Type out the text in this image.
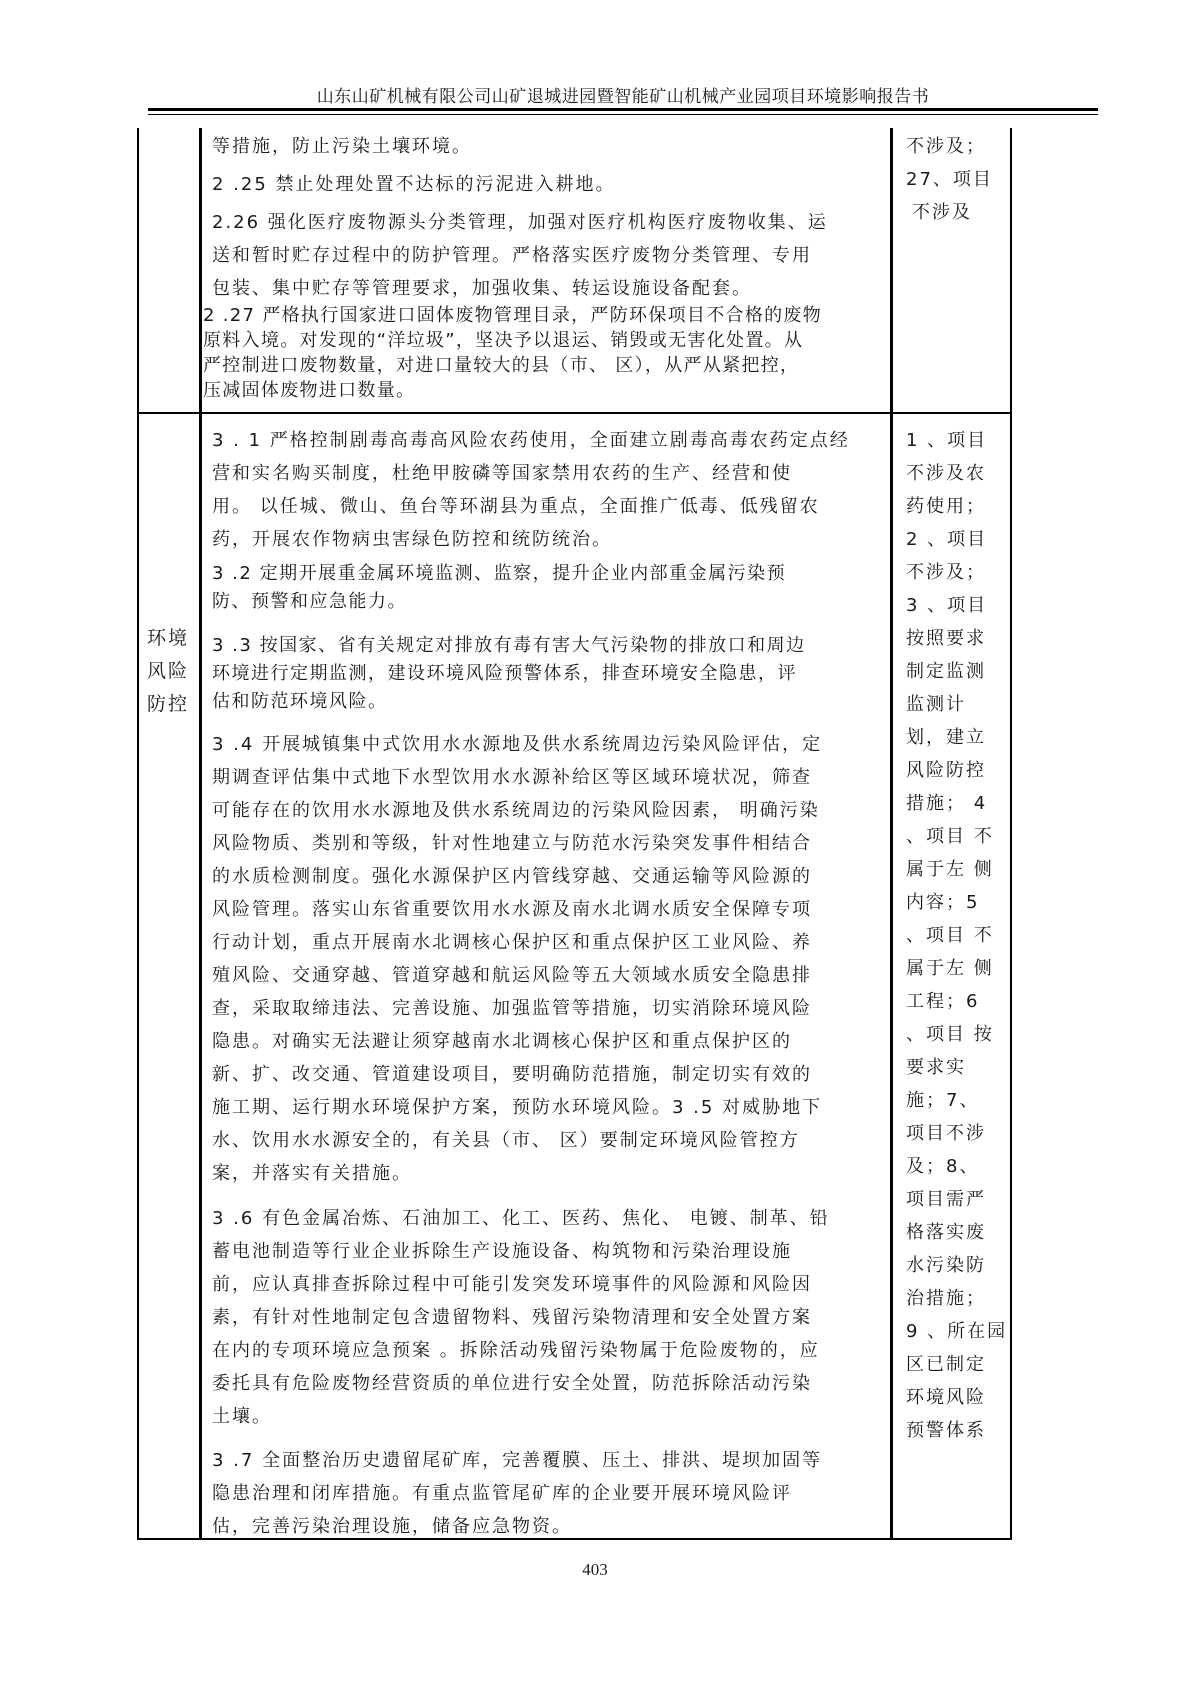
山东山矿机械有限公司山矿退城进园暨智能矿山机械产业园项目环境影响报告书
等措施，防止污染土壤环境。
2 .25 禁止处理处置不达标的污泥进入耕地。
2.26 强化医疗废物源头分类管理，加强对医疗机构医疗废物收集、运
送和暂时贮存过程中的防护管理。严格落实医疗废物分类管理、专用
包装、集中贮存等管理要求，加强收集、转运设施设备配套。
2 .27 严格执行国家进口固体废物管理目录，严防环保项目不合格的废物
原料入境。对发现的“洋垃圾”，坚决予以退运、销毁或无害化处置。从
严控制进口废物数量，对进口量较大的县（市、 区），从严从紧把控，
压减固体废物进口数量。
不涉及；
27、项目
不涉及
环境
风险
防控
3 . 1 严格控制剧毒高毒高风险农药使用，全面建立剧毒高毒农药定点经
营和实名购买制度，杜绝甲胺磷等国家禁用农药的生产、经营和使
用。 以任城、微山、鱼台等环湖县为重点，全面推广低毒、低残留农
药，开展农作物病虫害绿色防控和统防统治。
3 .2 定期开展重金属环境监测、监察，提升企业内部重金属污染预
防、预警和应急能力。
3 .3 按国家、省有关规定对排放有毒有害大气污染物的排放口和周边
环境进行定期监测，建设环境风险预警体系，排查环境安全隐患，评
估和防范环境风险。
3 .4 开展城镇集中式饮用水水源地及供水系统周边污染风险评估，定
期调查评估集中式地下水型饮用水水源补给区等区域环境状况，筛查
可能存在的饮用水水源地及供水系统周边的污染风险因素， 明确污染
风险物质、类别和等级，针对性地建立与防范水污染突发事件相结合
的水质检测制度。强化水源保护区内管线穿越、交通运输等风险源的
风险管理。落实山东省重要饮用水水源及南水北调水质安全保障专项
行动计划，重点开展南水北调核心保护区和重点保护区工业风险、养
殖风险、交通穿越、管道穿越和航运风险等五大领域水质安全隐患排
查，采取取缔违法、完善设施、加强监管等措施，切实消除环境风险
隐患。对确实无法避让须穿越南水北调核心保护区和重点保护区的
新、扩、改交通、管道建设项目，要明确防范措施，制定切实有效的
施工期、运行期水环境保护方案，预防水环境风险。3 .5 对威胁地下
水、饮用水水源安全的，有关县（市、 区）要制定环境风险管控方
案，并落实有关措施。
3 .6 有色金属冶炼、石油加工、化工、医药、焦化、 电镀、制革、铅
蓄电池制造等行业企业拆除生产设施设备、构筑物和污染治理设施
前，应认真排查拆除过程中可能引发突发环境事件的风险源和风险因
素，有针对性地制定包含遗留物料、残留污染物清理和安全处置方案
在内的专项环境应急预案 。拆除活动残留污染物属于危险废物的，应
委托具有危险废物经营资质的单位进行安全处置，防范拆除活动污染
土壤。
3 .7 全面整治历史遗留尾矿库，完善覆膜、压土、排洪、堤坝加固等
隐患治理和闭库措施。有重点监管尾矿库的企业要开展环境风险评
估，完善污染治理设施，储备应急物资。
1 、项目
不涉及农
药使用；
2 、项目
不涉及；
3 、项目
按照要求
制定监测
监测计
划，建立
风险防控
措施； 4
、项目 不
属于左 侧
内容；5
、项目 不
属于左 侧
工程；6
、项目 按
要求实
施；7、
项目不涉
及；8、
项目需严
格落实废
水污染防
治措施；
9 、所在园
区已制定
环境风险
预警体系
403
